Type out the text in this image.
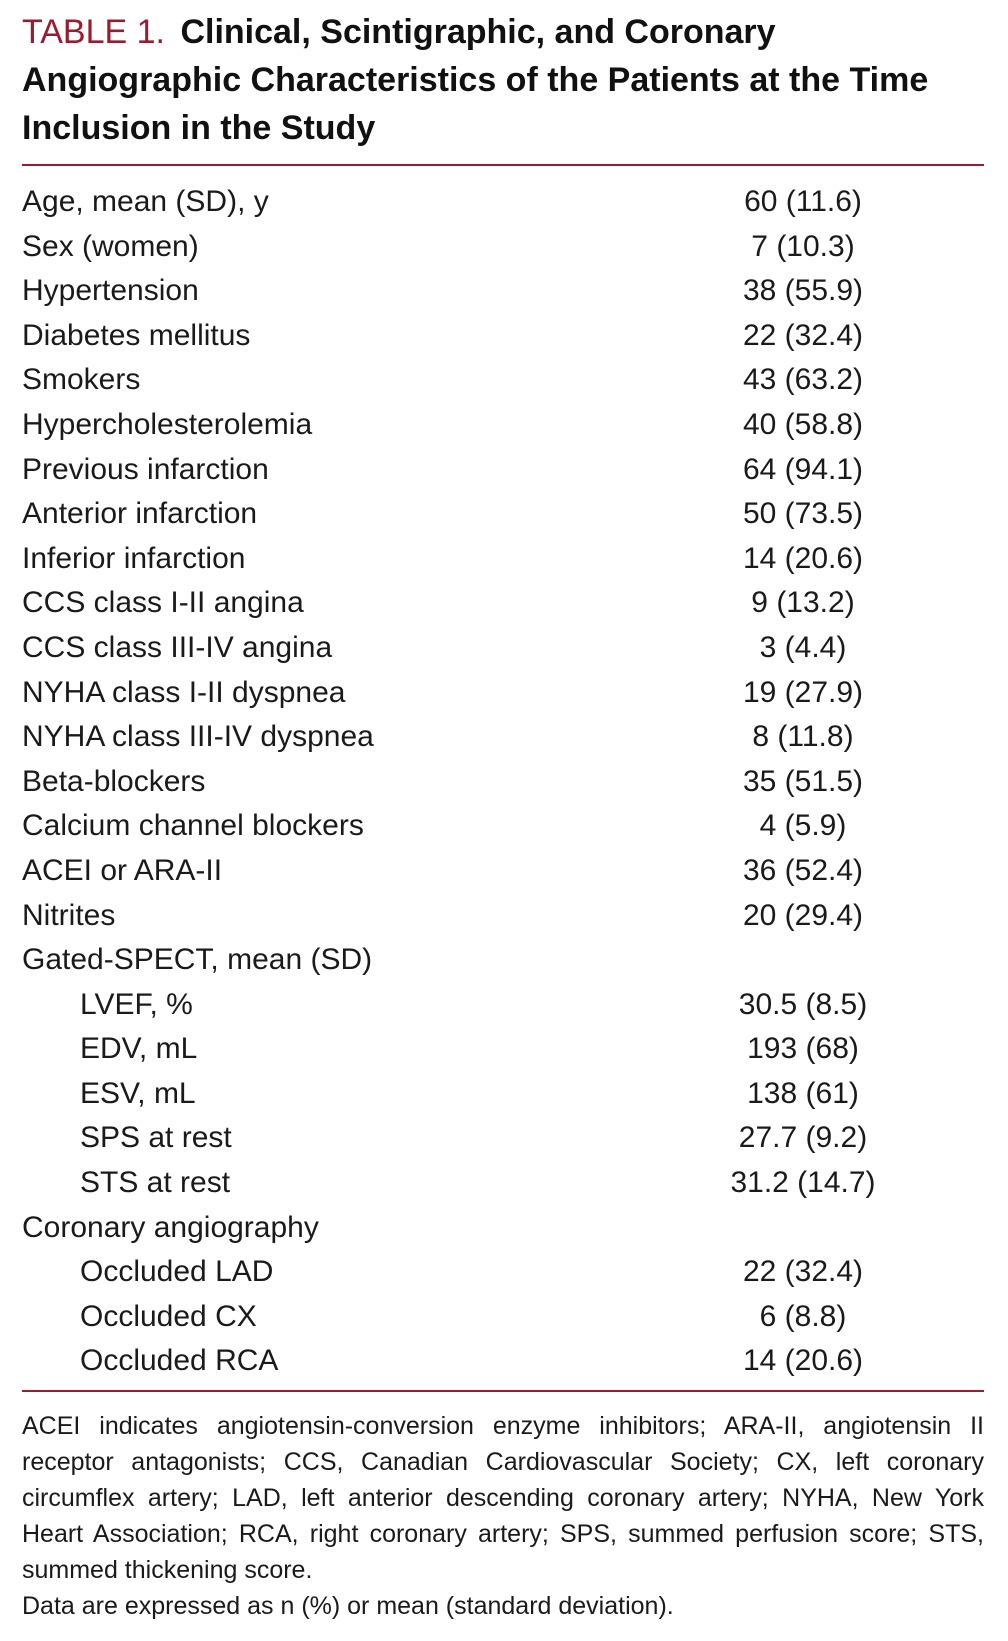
TABLE 1. Clinical, Scintigraphic, and Coronary Angiographic Characteristics of the Patients at the Time Inclusion in the Study
Age, mean (SD), y	60 (11.6)
Sex (women)	7 (10.3)
Hypertension	38 (55.9)
Diabetes mellitus	22 (32.4)
Smokers	43 (63.2)
Hypercholesterolemia	40 (58.8)
Previous infarction	64 (94.1)
Anterior infarction	50 (73.5)
Inferior infarction	14 (20.6)
CCS class I-II angina	9 (13.2)
CCS class III-IV angina	3 (4.4)
NYHA class I-II dyspnea	19 (27.9)
NYHA class III-IV dyspnea	8 (11.8)
Beta-blockers	35 (51.5)
Calcium channel blockers	4 (5.9)
ACEI or ARA-II	36 (52.4)
Nitrites	20 (29.4)
Gated-SPECT, mean (SD)
LVEF, %	30.5 (8.5)
EDV, mL	193 (68)
ESV, mL	138 (61)
SPS at rest	27.7 (9.2)
STS at rest	31.2 (14.7)
Coronary angiography
Occluded LAD	22 (32.4)
Occluded CX	6 (8.8)
Occluded RCA	14 (20.6)

ACEI indicates angiotensin-conversion enzyme inhibitors; ARA-II, angiotensin II receptor antagonists; CCS, Canadian Cardiovascular Society; CX, left coronary circumflex artery; LAD, left anterior descending coronary artery; NYHA, New York Heart Association; RCA, right coronary artery; SPS, summed perfusion score; STS, summed thickening score.

Data are expressed as n (%) or mean (standard deviation).
